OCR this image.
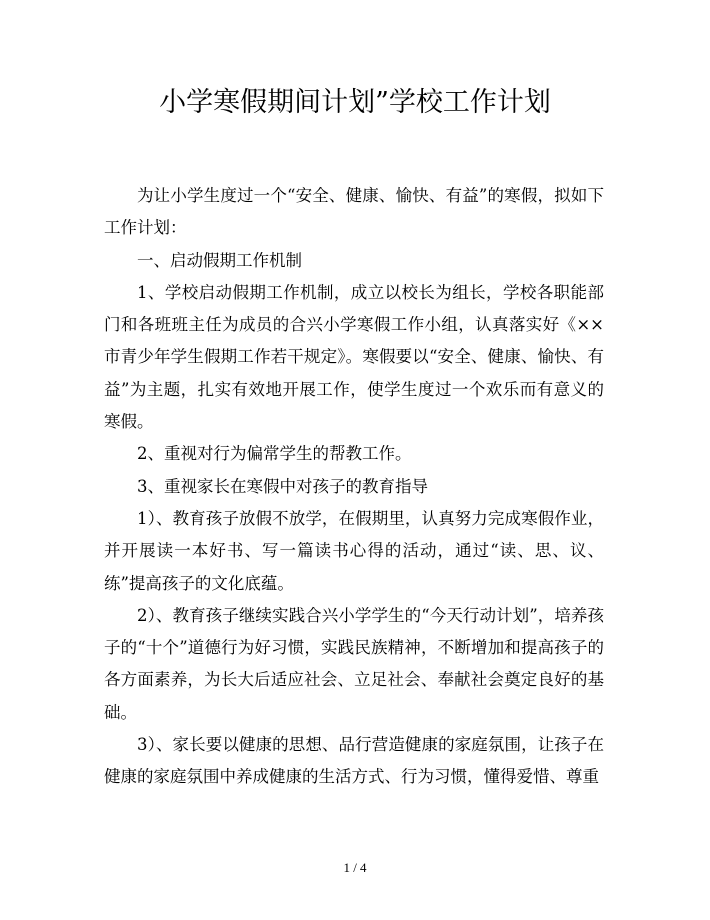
小学寒假期间计划”学校工作计划

为让小学生度过一个“安全、健康、愉快、有益”的寒假，拟如下工作计划：

一、启动假期工作机制

1、学校启动假期工作机制，成立以校长为组长，学校各职能部门和各班班主任为成员的合兴小学寒假工作小组，认真落实好《××市青少年学生假期工作若干规定》。寒假要以“安全、健康、愉快、有益”为主题，扎实有效地开展工作，使学生度过一个欢乐而有意义的寒假。

2、重视对行为偏常学生的帮教工作。

3、重视家长在寒假中对孩子的教育指导

1）、教育孩子放假不放学，在假期里，认真努力完成寒假作业，并开展读一本好书、写一篇读书心得的活动，通过“读、思、议、练”提高孩子的文化底蕴。

2）、教育孩子继续实践合兴小学学生的“今天行动计划”，培养孩子的“十个”道德行为好习惯，实践民族精神，不断增加和提高孩子的各方面素养，为长大后适应社会、立足社会、奉献社会奠定良好的基础。

3）、家长要以健康的思想、品行营造健康的家庭氛围，让孩子在健康的家庭氛围中养成健康的生活方式、行为习惯，懂得爱惜、尊重

1 / 4
